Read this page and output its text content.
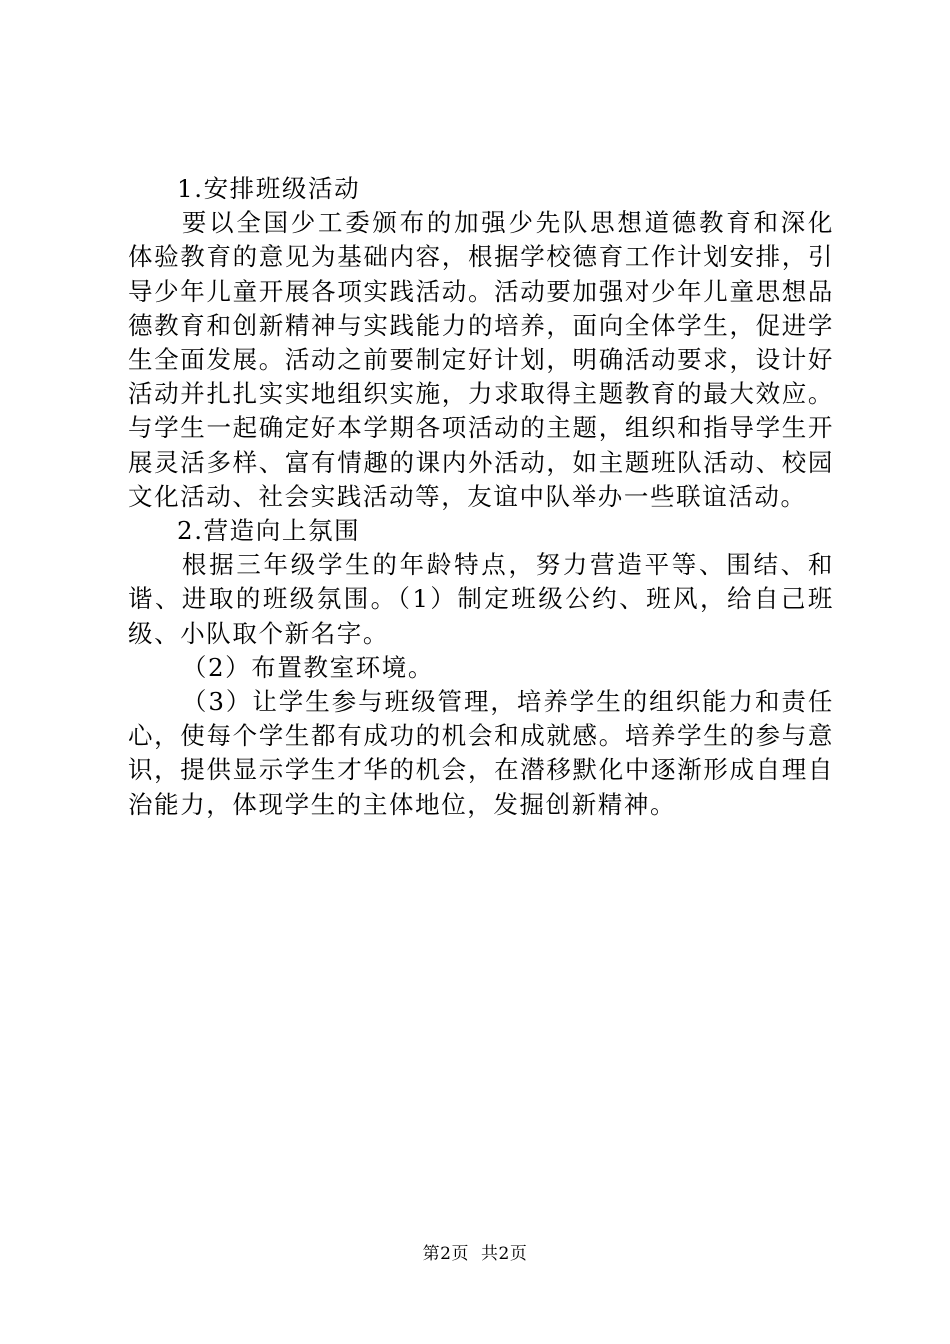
1.安排班级活动

要以全国少工委颁布的加强少先队思想道德教育和深化体验教育的意见为基础内容，根据学校德育工作计划安排，引导少年儿童开展各项实践活动。活动要加强对少年儿童思想品德教育和创新精神与实践能力的培养，面向全体学生，促进学生全面发展。活动之前要制定好计划，明确活动要求，设计好活动并扎扎实实地组织实施，力求取得主题教育的最大效应。与学生一起确定好本学期各项活动的主题，组织和指导学生开展灵活多样、富有情趣的课内外活动，如主题班队活动、校园文化活动、社会实践活动等，友谊中队举办一些联谊活动。

2.营造向上氛围

根据三年级学生的年龄特点，努力营造平等、围结、和谐、进取的班级氛围。（1）制定班级公约、班风，给自己班级、小队取个新名字。

（2）布置教室环境。

（3）让学生参与班级管理，培养学生的组织能力和责任心，使每个学生都有成功的机会和成就感。培养学生的参与意识，提供显示学生才华的机会，在潜移默化中逐渐形成自理自治能力，体现学生的主体地位，发掘创新精神。

第2页 共2页
